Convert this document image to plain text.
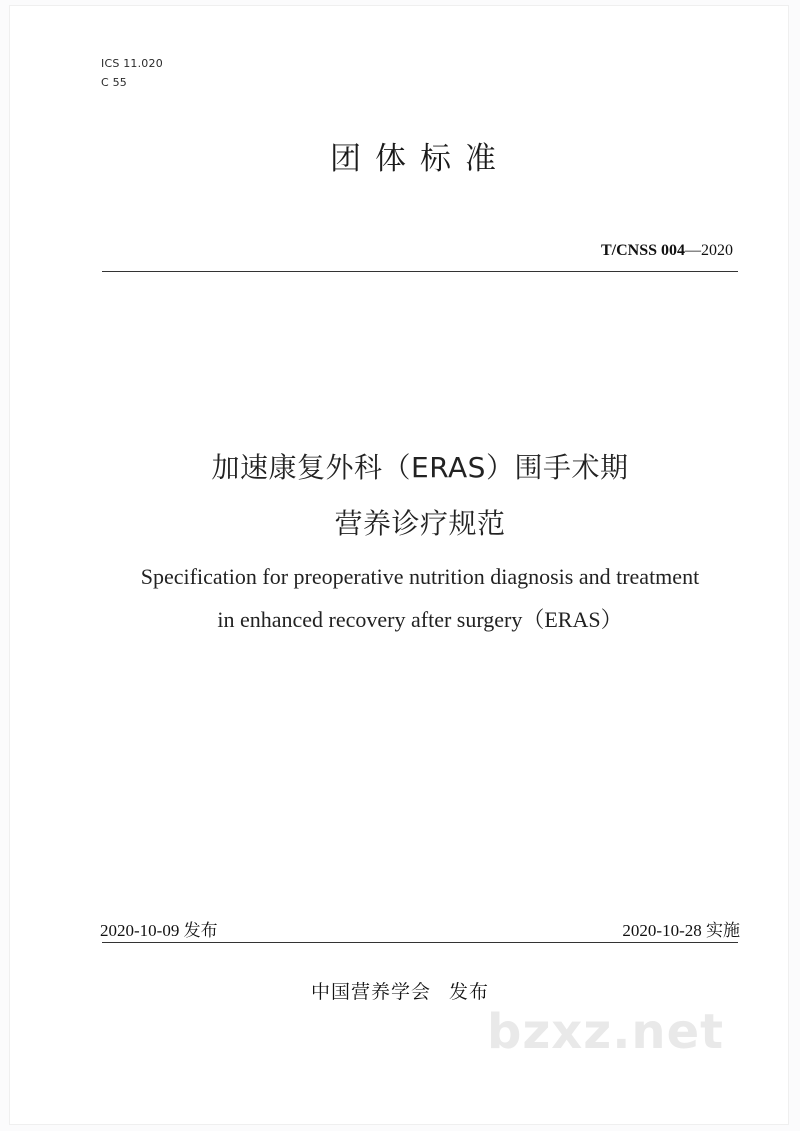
ICS 11.020
C 55
团体标准
T/CNSS 004—2020
加速康复外科（ERAS）围手术期
营养诊疗规范
Specification for preoperative nutrition diagnosis and treatment
in enhanced recovery after surgery（ERAS）
2020-10-09 发布	2020-10-28 实施
中国营养学会 发布
bzxz.net
